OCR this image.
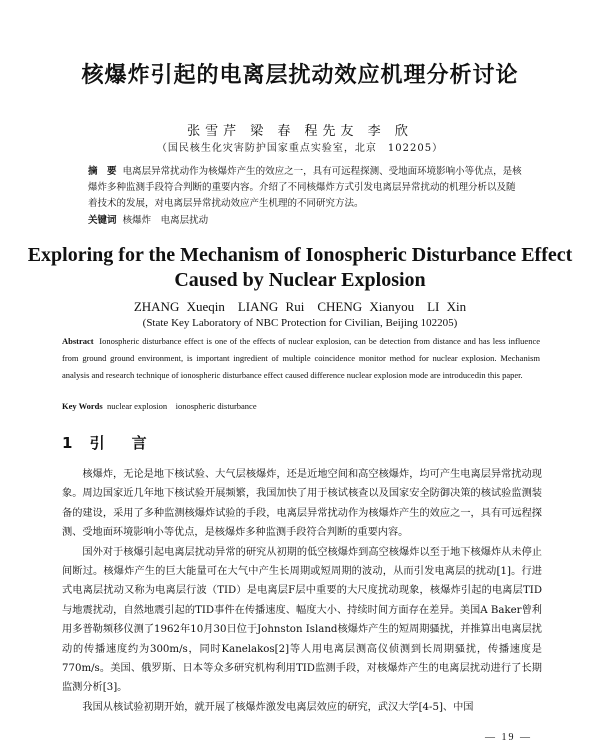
核爆炸引起的电离层扰动效应机理分析讨论
张雪芹 梁 春 程先友 李 欣
（国民核生化灾害防护国家重点实验室，北京　102205）
摘　要 电离层异常扰动作为核爆炸产生的效应之一，具有可远程探测、受地面环境影响小等优点，是核爆炸多种监测手段符合判断的重要内容。介绍了不同核爆炸方式引发电离层异常扰动的机理分析以及随着技术的发展，对电离层异常扰动效应产生机理的不同研究方法。
关键词 核爆炸　电离层扰动
Exploring for the Mechanism of Ionospheric Disturbance Effect Caused by Nuclear Explosion
ZHANG Xueqin　LIANG Rui　CHENG Xianyou　LI Xin
(State Key Laboratory of NBC Protection for Civilian, Beijing 102205)
Abstract Ionospheric disturbance effect is one of the effects of nuclear explosion, can be detection from distance and has less influence from ground ground environment, is important ingredient of multiple coincidence monitor method for nuclear explosion. Mechanism analysis and research technique of ionospheric disturbance effect caused difference nuclear explosion mode are introducedin this paper.
Key Words nuclear explosion　ionospheric disturbance
1 引　言

核爆炸，无论是地下核试验、大气层核爆炸，还是近地空间和高空核爆炸，均可产生电离层异常扰动现象。周边国家近几年地下核试验开展频繁，我国加快了用于核试核查以及国家安全防御决策的核试验监测装备的建设，采用了多种监测核爆炸试验的手段，电离层异常扰动作为核爆炸产生的效应之一，具有可远程探测、受地面环境影响小等优点，是核爆炸多种监测手段符合判断的重要内容。

国外对于核爆引起电离层扰动异常的研究从初期的低空核爆炸到高空核爆炸以至于地下核爆炸从未停止间断过。核爆炸产生的巨大能量可在大气中产生长周期或短周期的波动，从而引发电离层的扰动[1]。行进式电离层扰动又称为电离层行波（TID）是电离层F层中重要的大尺度扰动现象，核爆炸引起的电离层TID与地震扰动，自然地震引起的TID事件在传播速度、幅度大小、持续时间方面存在差异。美国A Baker曾利用多普勒频移仪测了1962年10月30日位于Johnston Island核爆炸产生的短周期骚扰，并推算出电离层扰动的传播速度约为300m/s，同时Kanelakos[2]等人用电离层测高仪侦测到长周期骚扰，传播速度是770m/s。美国、俄罗斯、日本等众多研究机构利用TID监测手段，对核爆炸产生的电离层扰动进行了长期监测分析[3]。

我国从核试验初期开始，就开展了核爆炸激发电离层效应的研究，武汉大学[4-5]、中国

— 19 —
